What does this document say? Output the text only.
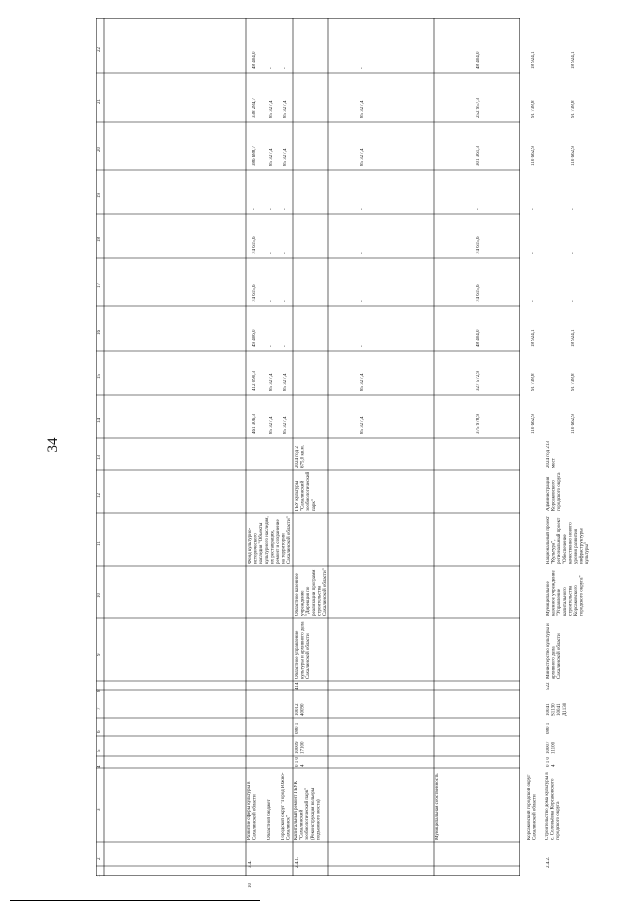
34
1
2
3
4
5
6
7
8
9
10
11
12
13
14
15
16
17
18
19
20
21
22
10
3.4.
Развитие сферы культуры в Сахалинской области
Фонд культурно-исторического наследия "Объекты культурного наследия, их реставрация, ремонт и сохранение на территории Сахалинской области"
461 306,3
412 090,3
49 406,0
74 615,6
74 615,6
-
386 688,7
338 284,7
48 404,0
Областной бюджет
85 327,4
85 327,4
-
-
-
-
85 327,4
85 327,4
-
Городской округ "Город Южно-Сахалинск"
85 327,4
85 327,4
-
-
-
-
85 327,4
85 327,4
-
2.4.1.
Капитальный ремонт ГБУК "Сахалинский зообиологический парк" (Реконструкция вольеры подъемного моста)
0 1 0 4
10009 17100
080 1
10012 40090
414
Областное управление культуры и архивного дела Сахалинской области
Областное казенное учреждение "Дирекция по реализации программ строительства Сахалинской области"
ГБУ культуры "Сахалинский зообиологический парк"
2024 год 2 675,0 кв.м.
85 327,4
85 327,4
-
-
-
-
85 327,4
85 327,4
-
Муниципальная собственность
375 978,9
327 572,9
48 404,0
74 615,6
74 615,6
-
301 361,3
252 957,3
48 404,0
Корсаковский городской округ Сахалинской области
110 662,9
91 738,8
18 924,1
-
-
-
110 662,9
91 738,8
18 924,1
2.4.2.
Строительство дома культуры в с. Соловьёвка Корсаковского городского округа
0 1 0 4
10007 11100
080 1
10041 S1130 10041 Д1130
522
Министерство культуры и архивного дела Сахалинской области
Муниципальное казенное учреждение "Управление капитального строительства Корсаковского городского округа"
Национальный проект "Культура", региональный проект "Обеспечение качественно нового уровня развития инфраструктуры культуры"
Администрация Корсаковского городского округа
2024 год 213 мест
110 662,9
91 738,8
18 924,1
-
-
-
110 662,9
91 738,8
18 924,1
